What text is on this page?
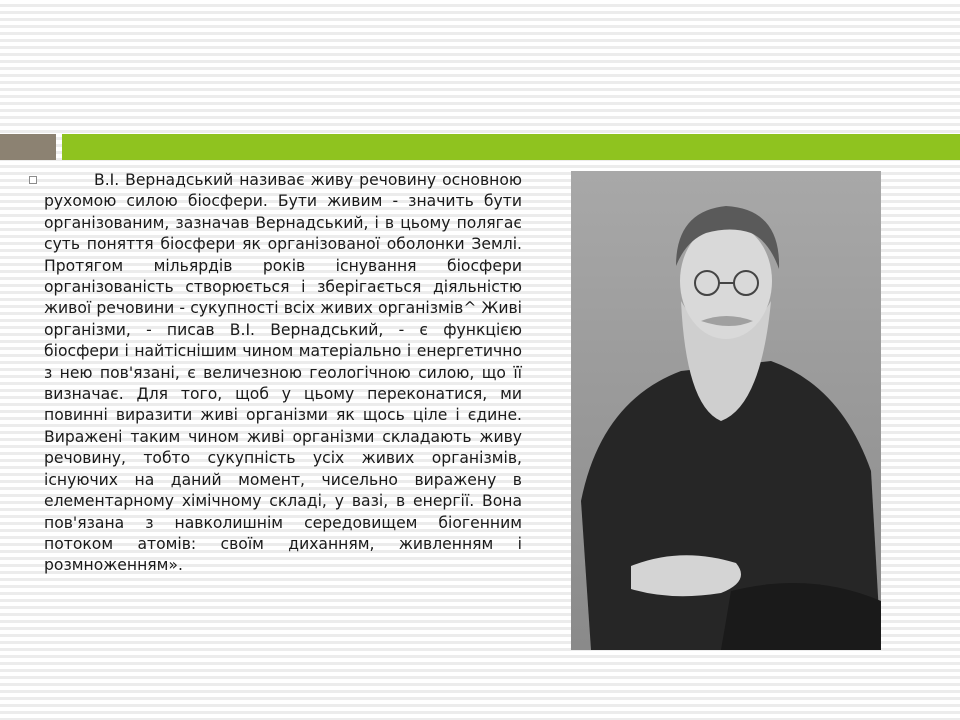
В.І. Вернадський називає живу речовину основною рухомою силою біосфери. Бути живим - значить бути організованим, зазначав Вернадський, і в цьому полягає суть поняття біосфери як організованої оболонки Землі. Протягом мільярдів років існування біосфери організованість створюється і зберігається діяльністю живої речовини - сукупності всіх живих організмів^ Живі організми, - писав В.І. Вернадський, - є функцією біосфери і найтіснішим чином матеріально і енергетично з нею пов'язані, є величезною геологічною силою, що її визначає. Для того, щоб у цьому переконатися, ми повинні виразити живі організми як щось ціле і єдине. Виражені таким чином живі організми складають живу речовину, тобто сукупність усіх живих організмів, існуючих на даний момент, чисельно виражену в елементарному хімічному складі, у вазі, в енергії. Вона пов'язана з навколишнім середовищем біогенним потоком атомів: своїм диханням, живленням і розмноженням».
